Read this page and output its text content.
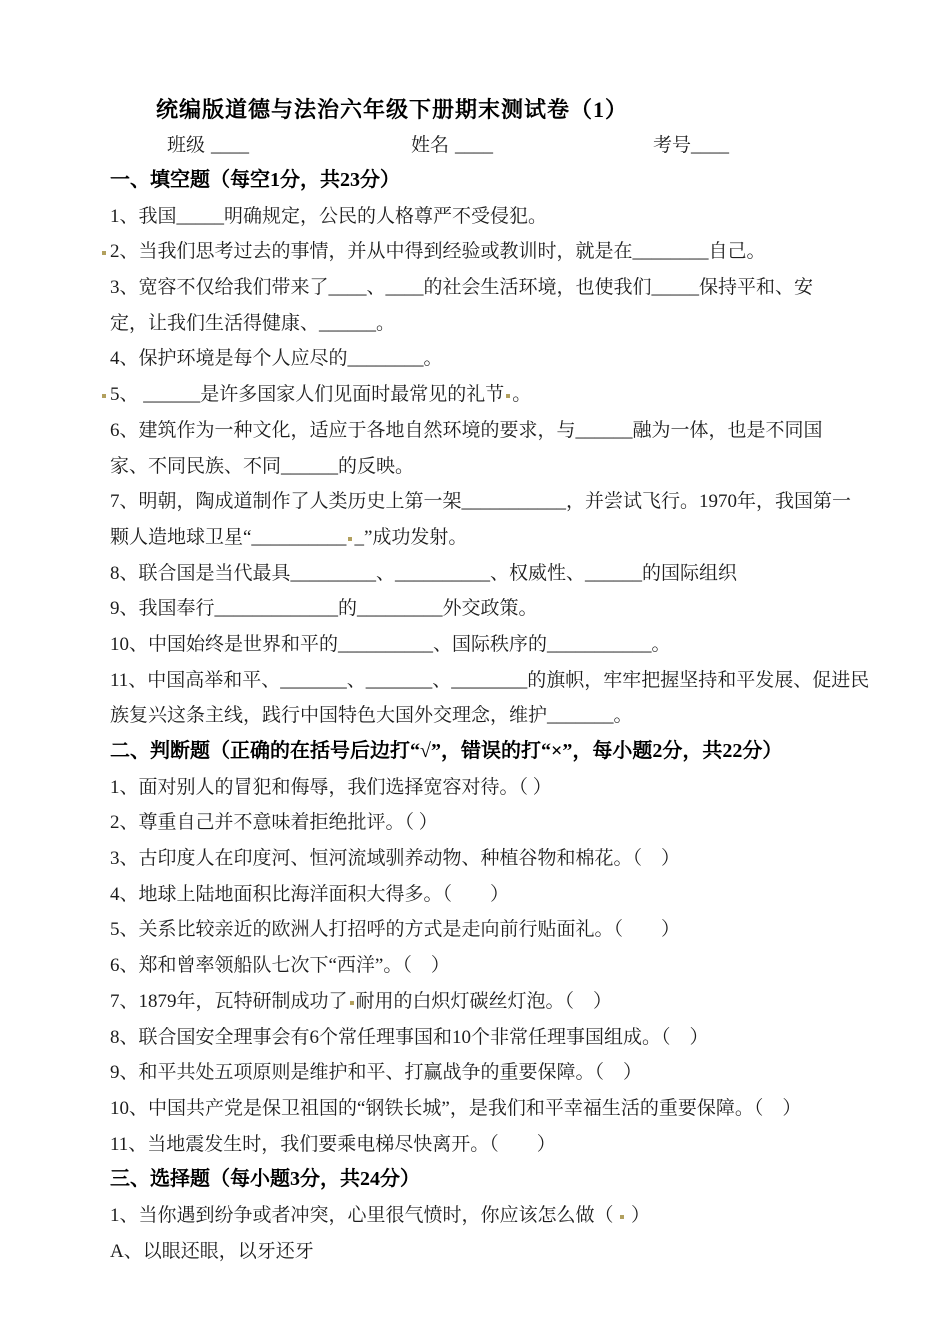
统编版道德与法治六年级下册期末测试卷（1）
班级 ____	姓名 ____	考号____
一、填空题（每空1分，共23分）
1、我国_____明确规定，公民的人格尊严不受侵犯。
2、当我们思考过去的事情，并从中得到经验或教训时，就是在________自己。
3、宽容不仅给我们带来了____、____的社会生活环境，也使我们_____保持平和、安
定，让我们生活得健康、______。
4、保护环境是每个人应尽的________。
5、 ______是许多国家人们见面时最常见的礼节 。
6、建筑作为一种文化，适应于各地自然环境的要求，与______融为一体，也是不同国
家、不同民族、不同______的反映。
7、明朝，陶成道制作了人类历史上第一架___________，并尝试飞行。1970年，我国第一
颗人造地球卫星“__________ _”成功发射。
8、联合国是当代最具_________、__________、权威性、______的国际组织
9、我国奉行_____________的_________外交政策。
10、中国始终是世界和平的__________、国际秩序的___________。
11、中国高举和平、_______、_______、________的旗帜，牢牢把握坚持和平发展、促进民
族复兴这条主线，践行中国特色大国外交理念，维护_______。
二、判断题（正确的在括号后边打“√”，错误的打“×”，每小题2分，共22分）
1、面对别人的冒犯和侮辱，我们选择宽容对待。（ ）
2、尊重自己并不意味着拒绝批评。（ ）
3、古印度人在印度河、恒河流域驯养动物、种植谷物和棉花。（　）
4、地球上陆地面积比海洋面积大得多。（　　）
5、关系比较亲近的欧洲人打招呼的方式是走向前行贴面礼。（　　）
6、郑和曾率领船队七次下“西洋”。（　）
7、1879年，瓦特研制成功了 耐用的白炽灯碳丝灯泡。（　）
8、联合国安全理事会有6个常任理事国和10个非常任理事国组成。（　）
9、和平共处五项原则是维护和平、打赢战争的重要保障。（　）
10、中国共产党是保卫祖国的“钢铁长城”，是我们和平幸福生活的重要保障。（　）
11、当地震发生时，我们要乘电梯尽快离开。（　　）
三、选择题（每小题3分，共24分）
1、当你遇到纷争或者冲突，心里很气愤时，你应该怎么做（  ）
A、以眼还眼，以牙还牙
